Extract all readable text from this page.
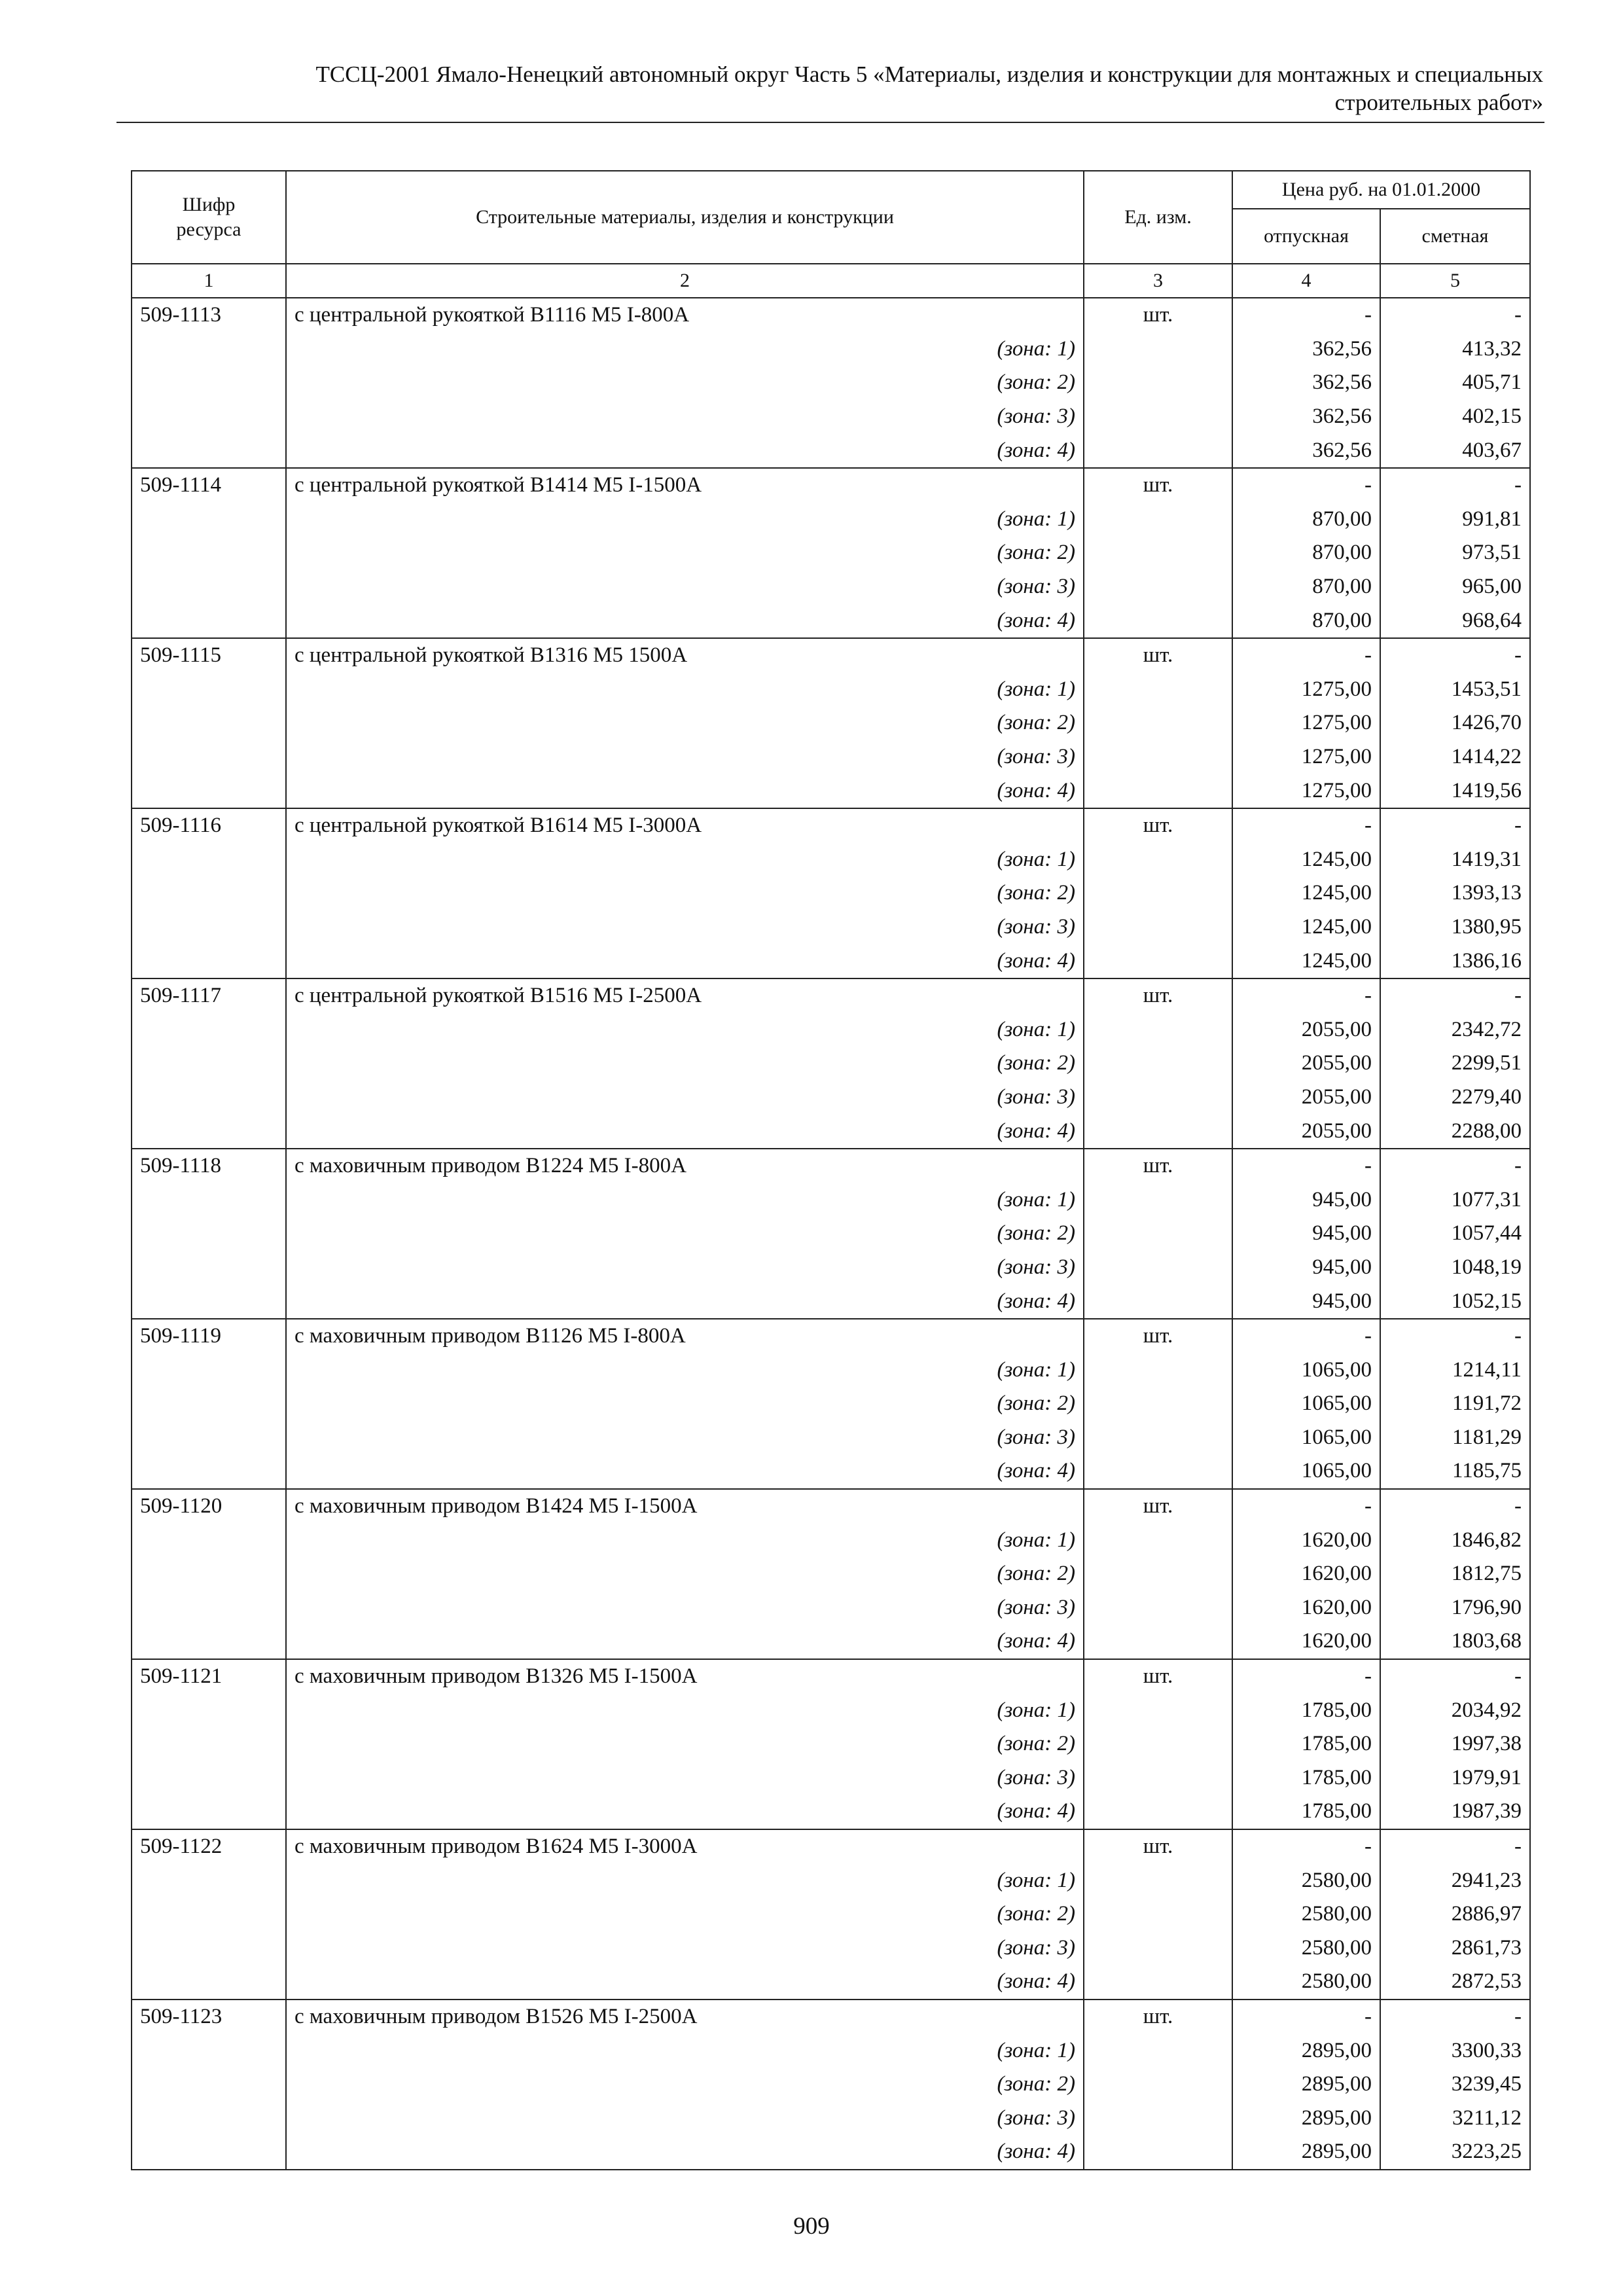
ТССЦ-2001 Ямало-Ненецкий автономный округ Часть 5 «Материалы, изделия и конструкции для монтажных и специальных
строительных работ»
Шифр ресурса	Строительные материалы, изделия и конструкции	Ед. изм.	Цена руб. на 01.01.2000	
			отпускная	сметная
1	2	3	4	5
509-1113	с центральной рукояткой В1116 М5 I-800А	шт.	-	-
	(зона: 1)		362,56	413,32
	(зона: 2)		362,56	405,71
	(зона: 3)		362,56	402,15
	(зона: 4)		362,56	403,67
509-1114	с центральной рукояткой В1414 М5 I-1500А	шт.	-	-
	(зона: 1)		870,00	991,81
	(зона: 2)		870,00	973,51
	(зона: 3)		870,00	965,00
	(зона: 4)		870,00	968,64
509-1115	с центральной рукояткой В1316 М5 1500А	шт.	-	-
	(зона: 1)		1275,00	1453,51
	(зона: 2)		1275,00	1426,70
	(зона: 3)		1275,00	1414,22
	(зона: 4)		1275,00	1419,56
509-1116	с центральной рукояткой В1614 М5 I-3000А	шт.	-	-
	(зона: 1)		1245,00	1419,31
	(зона: 2)		1245,00	1393,13
	(зона: 3)		1245,00	1380,95
	(зона: 4)		1245,00	1386,16
509-1117	с центральной рукояткой В1516 М5 I-2500А	шт.	-	-
	(зона: 1)		2055,00	2342,72
	(зона: 2)		2055,00	2299,51
	(зона: 3)		2055,00	2279,40
	(зона: 4)		2055,00	2288,00
509-1118	с маховичным приводом В1224 М5 I-800А	шт.	-	-
	(зона: 1)		945,00	1077,31
	(зона: 2)		945,00	1057,44
	(зона: 3)		945,00	1048,19
	(зона: 4)		945,00	1052,15
509-1119	с маховичным приводом В1126 М5 I-800А	шт.	-	-
	(зона: 1)		1065,00	1214,11
	(зона: 2)		1065,00	1191,72
	(зона: 3)		1065,00	1181,29
	(зона: 4)		1065,00	1185,75
509-1120	с маховичным приводом В1424 М5 I-1500А	шт.	-	-
	(зона: 1)		1620,00	1846,82
	(зона: 2)		1620,00	1812,75
	(зона: 3)		1620,00	1796,90
	(зона: 4)		1620,00	1803,68
509-1121	с маховичным приводом В1326 М5 I-1500А	шт.	-	-
	(зона: 1)		1785,00	2034,92
	(зона: 2)		1785,00	1997,38
	(зона: 3)		1785,00	1979,91
	(зона: 4)		1785,00	1987,39
509-1122	с маховичным приводом В1624 М5 I-3000А	шт.	-	-
	(зона: 1)		2580,00	2941,23
	(зона: 2)		2580,00	2886,97
	(зона: 3)		2580,00	2861,73
	(зона: 4)		2580,00	2872,53
509-1123	с маховичным приводом В1526 М5 I-2500А	шт.	-	-
	(зона: 1)		2895,00	3300,33
	(зона: 2)		2895,00	3239,45
	(зона: 3)		2895,00	3211,12
	(зона: 4)		2895,00	3223,25
909
